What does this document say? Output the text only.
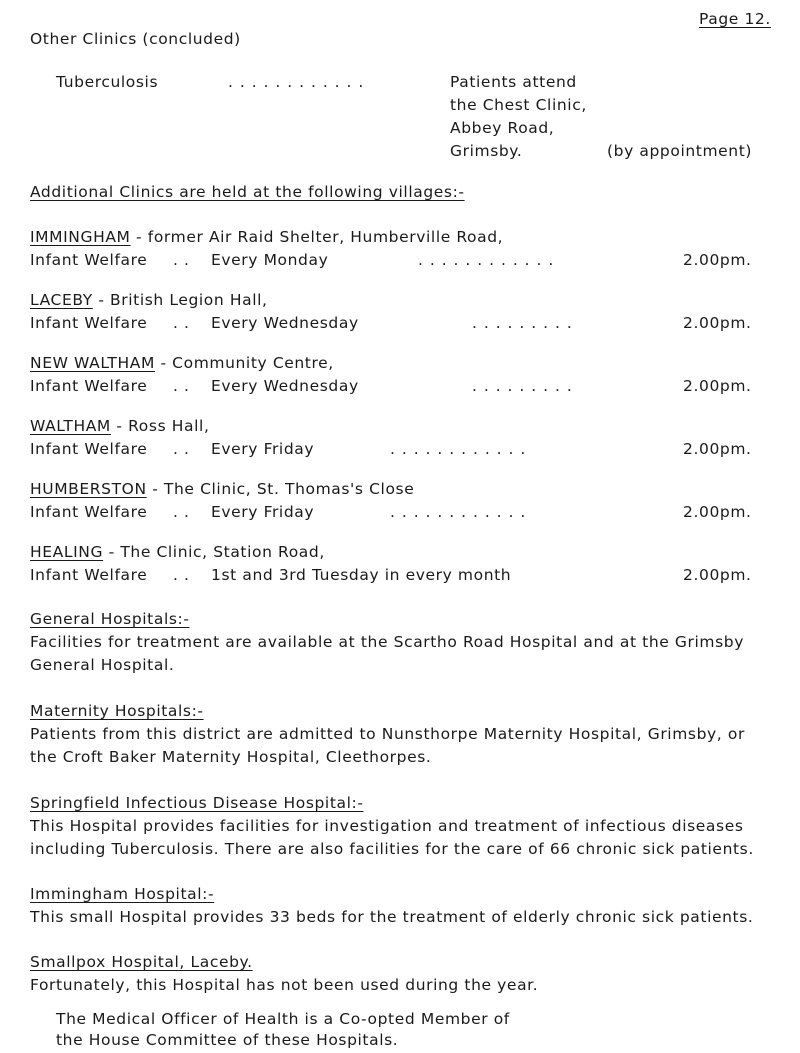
Other Clinics (concluded)
Page 12.
Tuberculosis	. . . . . . . . . . . .	Patients attend
the Chest Clinic,
Abbey Road,
Grimsby.	(by appointment)
Additional Clinics are held at the following villages:-
IMMINGHAM - former Air Raid Shelter, Humberville Road,
Infant Welfare . . Every Monday	. . . . . . . . . . . .	2.00pm.
LACEBY - British Legion Hall,
Infant Welfare . . Every Wednesday	. . . . . . . . .	2.00pm.
NEW WALTHAM - Community Centre,
Infant Welfare . . Every Wednesday	. . . . . . . . .	2.00pm.
WALTHAM - Ross Hall,
Infant Welfare . . Every Friday	. . . . . . . . . . . .	2.00pm.
HUMBERSTON - The Clinic, St. Thomas's Close
Infant Welfare . . Every Friday	. . . . . . . . . . . .	2.00pm.
HEALING - The Clinic, Station Road,
Infant Welfare . . 1st and 3rd Tuesday in every month	2.00pm.
General Hospitals:-
Facilities for treatment are available at the Scartho Road Hospital and at the Grimsby General Hospital.
Maternity Hospitals:-
Patients from this district are admitted to Nunsthorpe Maternity Hospital, Grimsby, or the Croft Baker Maternity Hospital, Cleethorpes.
Springfield Infectious Disease Hospital:-
This Hospital provides facilities for investigation and treatment of infectious diseases including Tuberculosis. There are also facilities for the care of 66 chronic sick patients.
Immingham Hospital:-
This small Hospital provides 33 beds for the treatment of elderly chronic sick patients.
Smallpox Hospital, Laceby.
Fortunately, this Hospital has not been used during the year.
The Medical Officer of Health is a Co-opted Member of
the House Committee of these Hospitals.
